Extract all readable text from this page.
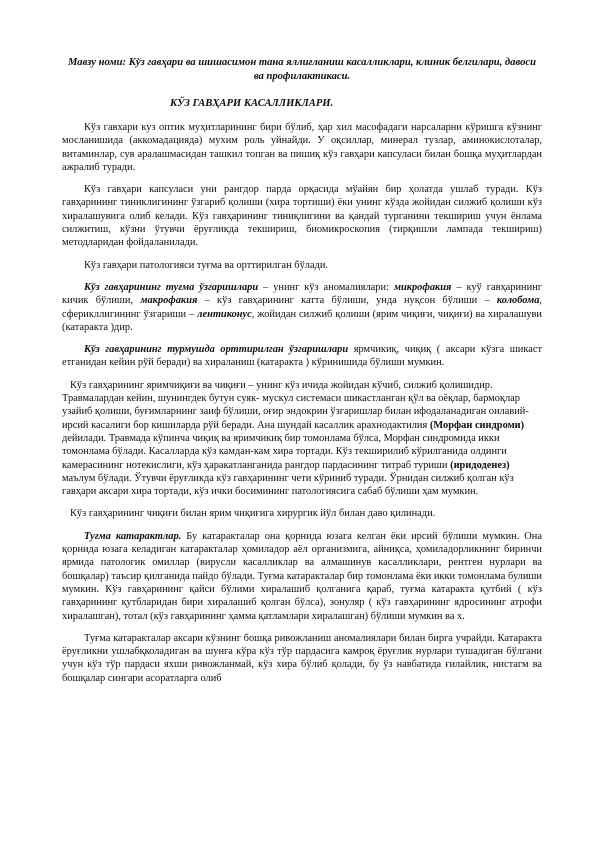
Мавзу номи: Кўз гавҳари ва шишасимон тана яллиғланиш касалликлари, клиник белгилари, давоси ва профилактикаси.
КЎЗ ГАВҲАРИ КАСАЛЛИКЛАРИ.

Кўз гавхари куз оптик муҳитларининг бири бўлиб, ҳар хил масофадаги нарсаларни кўришга кўзнинг мосланишида (аккомадацияда) мухим роль уйнайди. У оқсиллар, минерал тузлар, аминокислоталар, витаминлар, сув аралашмасидан ташкил топган ва пишиқ кўз гавҳари капсуласи билан бошқа муҳитлардан ажралиб туради.

Кўз гавҳари капсуласи уни рангдор парда орқасида мўайян бир ҳолатда ушлаб туради. Кўз гавҳарининг тиниклигининг ўзгариб қолиши (хира тортиши) ёки унинг кўзда жойидан силжиб қолиши кўз хиралашувига олиб келади. Кўз гавҳарининг тиниқлигини ва қандай турганини текшириш учун ёнлама силжитиш, кўзни ўтувчи ёруғликда текшириш, биомикроскопия (тирқишли лампада текшириш) методларидан фойдаланилади.

Кўз гавҳари патологияси туғма ва орттирилган бўлади.

Кўз гавҳарининг туғма ўзгаришлари – унинг кўз аномалиялари: микрофакия – куў гавҳарининг кичик бўлиши, макрофакия – кўз гавҳарининг катта бўлиши, унда нуқсон бўлиши – колобома, сферикллигининг ўзгариши – лентиконус, жойидан силжиб қолиши (ярим чиқиғи, чиқиғи) ва хиралашуви (катаракта )дир.

Кўз гавҳарининг турмушда орттирилган ўзгаришлари ярмчикиқ, чиқиқ ( аксари кўзга шикаст етганидан кейин рўй беради) ва хираланиш (катаракта ) кўринишида бўлиши мумкин.

Кўз гавҳарининг яримчиқиғи ва чиқиғи – унинг кўз ичида жойидан кўчиб, силжиб қолишидир. Травмалардан кейин, шунингдек бутун суяк- мускул системаси шикастланган қўл ва оёқлар, бармоқлар узайиб қолиши, буғимларнинг заиф бўлиши, оғир эндокрин ўзгаришлар билан ифодаланадиган оилавий- ирсий касалиги бор кишиларда рўй беради. Ана шундай касаллик арахнодактилия (Морфан синдроми) дейилади. Травмада кўпинча чиқиқ ва яримчикиқ бир томонлама бўлса, Морфан синдромида икки томонлама бўлади. Касалларда кўз камдан-кам хира тортади. Кўз текширилиб кўрилганида олдинги камерасининг нотекислиги, кўз ҳаракатланганида рангдор пардасининг титраб туриши (иридоденез) маълум бўлади. Ўтувчи ёруғликда кўз гавҳарининг чети кўриниб туради. Ўрнидан силжиб қолган кўз гавҳари аксари хира тортади, кўз ички босимининг патологиясига сабаб бўлиши ҳам мумкин.

Кўз гавҳарининг чиқиғи билан ярим чиқиғига хирургик йўл билан даво қилинади.

Туғма катарактлар. Бу катаракталар она қорнида юзага келган ёки ирсий бўлиши мумкин. Она қорнида юзага келадиган катаракталар ҳомиладор аёл организмига, айниқса, ҳомиладорликнинг биринчи ярмида патологик омиллар (вирусли касалликлар ва алмашинув касалликлари, рентген нурлари ва бошқалар) таъсир қилганида пайдо бўлади. Туғма катаракталар бир томонлама ёки икки томонлама булиши мумкин. Кўз гавҳарининг қайси бўлими хиралашиб қолганига қараб, туғма катаракта қутбий ( кўз гавҳарининг қутбларидан бири хиралашиб қолган бўлса), зонуляр ( кўз гавҳарининг ядросининг атрофи хиралашган), тотал (кўз гавҳарининг ҳамма қатламлари хиралашган) бўлиши мумкин ва х.

Туғма катаракталар аксари кўзнинг бошқа ривожланиш аномалиялари билан бирга учрайди. Катаракта ёруғликни ушлабқколадиган ва шунга кўра кўз тўр пардасига камроқ ёруғлик нурлари тушадиган бўлгани учун кўз тўр пардаси яхши ривожланмай, кўз хира бўлиб қолади, бу ўз навбатида ғилайлик, нистагм ва бошқалар сингари асоратларга олиб
